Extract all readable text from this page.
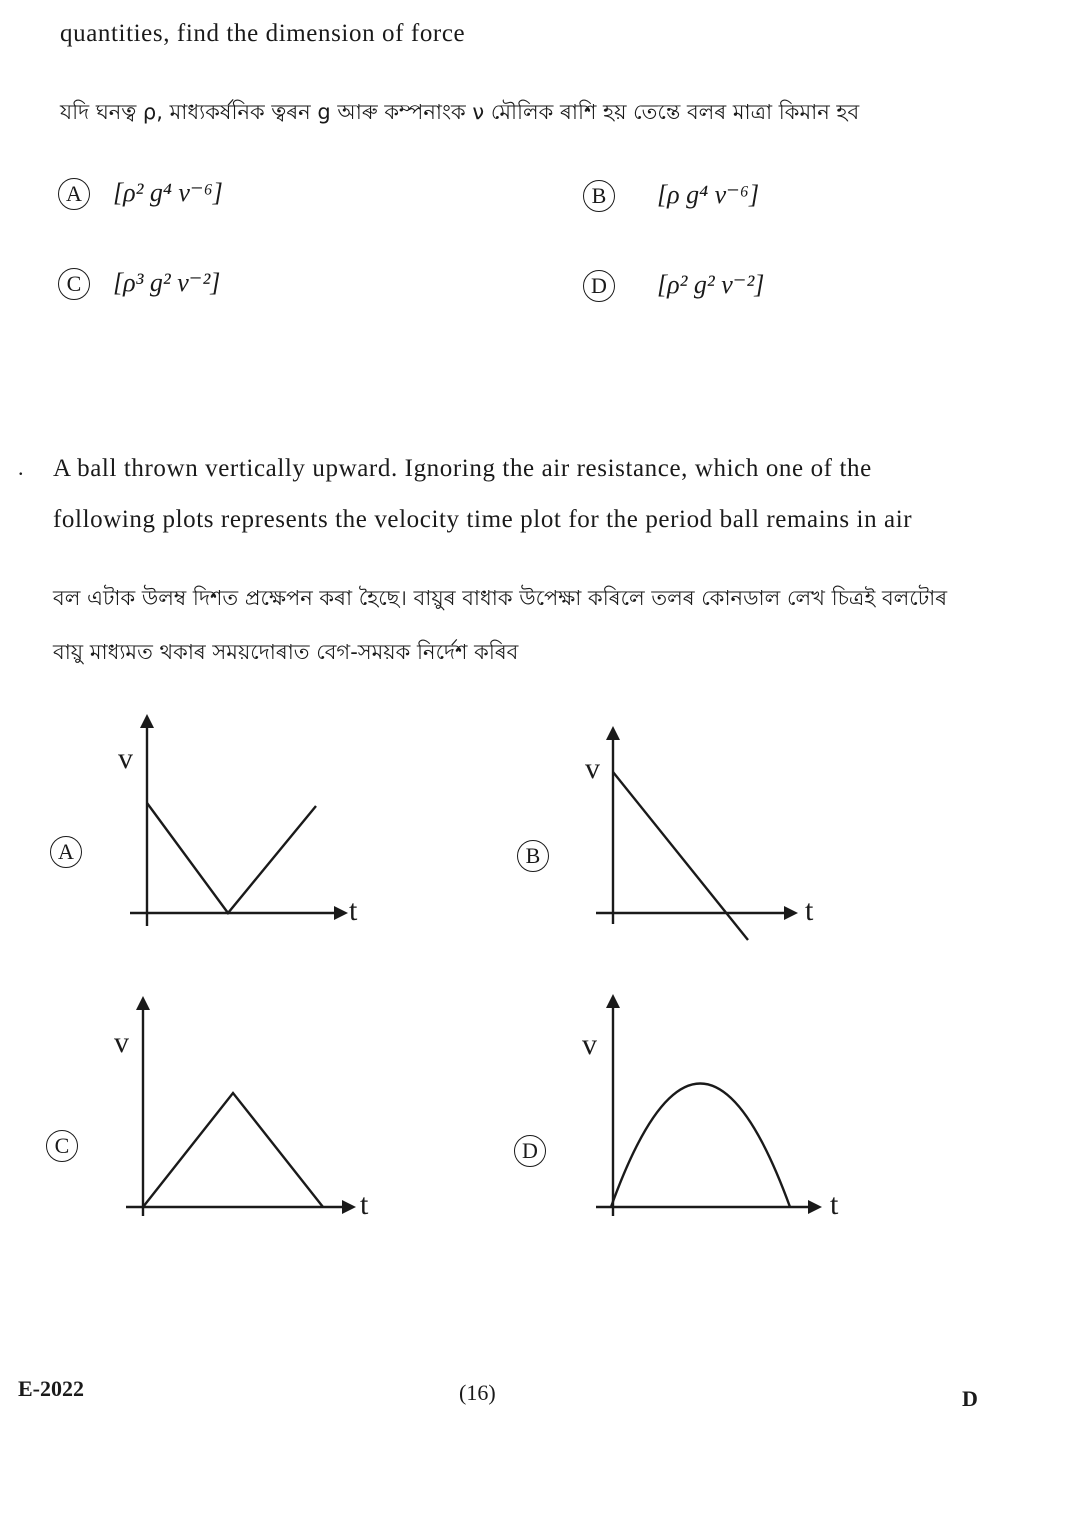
quantities, find the dimension of force
যদি ঘনত্ব ρ, মাধ্যকৰ্ষনিক ত্বৰন g আৰু কম্পনাংক ν মৌলিক ৰাশি হয় তেন্তে বলৰ মাত্রা কিমান হব
A	[ρ² g⁴ ν⁻⁶]	B	[ρ g⁴ ν⁻⁶]
C	[ρ³ g² ν⁻²]	D	[ρ² g² ν⁻²]
. A ball thrown vertically upward. Ignoring the air resistance, which one of the
following plots represents the velocity time plot for the period ball remains in air
বল এটাক উলম্ব দিশত প্রক্ষেপন কৰা হৈছে। বায়ুৰ বাধাক উপেক্ষা কৰিলে তলৰ কোনডাল লেখ চিত্রই বলটোৰ
বায়ু মাধ্যমত থকাৰ সময়দোৰাত বেগ-সময়ক নির্দেশ কৰিব
A
v
t
B
v
t
C
v
t
D
v
t
E-2022	(16)	D
